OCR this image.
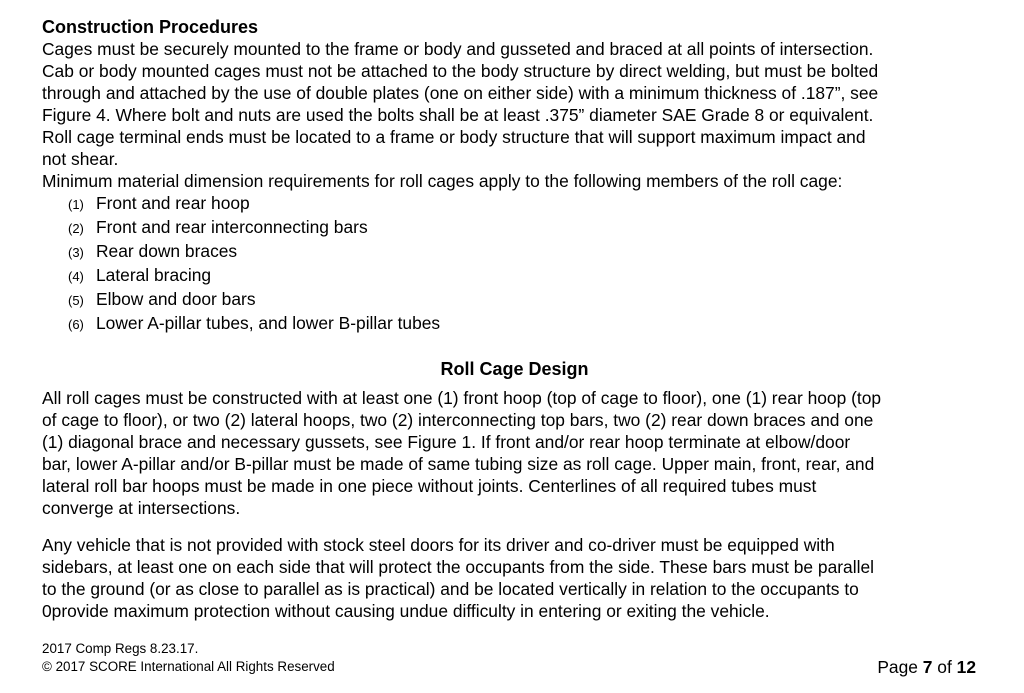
Construction Procedures

Cages must be securely mounted to the frame or body and gusseted and braced at all points of intersection.
Cab or body mounted cages must not be attached to the body structure by direct welding, but must be bolted
through and attached by the use of double plates (one on either side) with a minimum thickness of .187”, see
Figure 4. Where bolt and nuts are used the bolts shall be at least .375” diameter SAE Grade 8 or equivalent.
Roll cage terminal ends must be located to a frame or body structure that will support maximum impact and
not shear.
Minimum material dimension requirements for roll cages apply to the following members of the roll cage:
(1) Front and rear hoop
(2) Front and rear interconnecting bars
(3) Rear down braces
(4) Lateral bracing
(5) Elbow and door bars
(6) Lower A-pillar tubes, and lower B-pillar tubes

Roll Cage Design

All roll cages must be constructed with at least one (1) front hoop (top of cage to floor), one (1) rear hoop (top
of cage to floor), or two (2) lateral hoops, two (2) interconnecting top bars, two (2) rear down braces and one
(1) diagonal brace and necessary gussets, see Figure 1. If front and/or rear hoop terminate at elbow/door
bar, lower A-pillar and/or B-pillar must be made of same tubing size as roll cage. Upper main, front, rear, and
lateral roll bar hoops must be made in one piece without joints. Centerlines of all required tubes must
converge at intersections.
Any vehicle that is not provided with stock steel doors for its driver and co-driver must be equipped with
sidebars, at least one on each side that will protect the occupants from the side. These bars must be parallel
to the ground (or as close to parallel as is practical) and be located vertically in relation to the occupants to
0provide maximum protection without causing undue difficulty in entering or exiting the vehicle.
2017 Comp Regs 8.23.17.
© 2017 SCORE International All Rights Reserved	Page 7 of 12
